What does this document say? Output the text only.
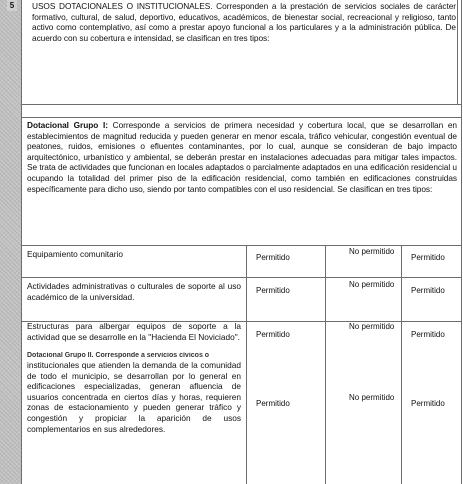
5	USOS DOTACIONALES O INSTITUCIONALES. Corresponden a la prestación de servicios sociales de carácter formativo, cultural, de salud, deportivo, educativos, académicos, de bienestar social, recreacional y religioso, tanto activo como contemplativo, así como a prestar apoyo funcional a los particulares y a la administración pública. De acuerdo con su cobertura e intensidad, se clasifican en tres tipos:
Dotacional Grupo I: Corresponde a servicios de primera necesidad y cobertura local, que se desarrollan en establecimientos de magnitud reducida y pueden generar en menor escala, tráfico vehicular, congestión eventual de peatones, ruidos, emisiones o efluentes contaminantes, por lo cual, aunque se consideran de bajo impacto arquitectónico, urbanístico y ambiental, se deberán prestar en instalaciones adecuadas para mitigar tales impactos. Se trata de actividades que funcionan en locales adaptados o parcialmente adaptados en una edificación residencial u ocupando la totalidad del primer piso de la edificación residencial, como también en edificaciones construidas específicamente para dicho uso, siendo por tanto compatibles con el uso residencial. Se clasifican en tres tipos:
Equipamiento comunitario	Permitido
No permitido
Permitido
Actividades administrativas o culturales de soporte al uso académico de la universidad.
Permitido
No permitido
Permitido
Estructuras para albergar equipos de soporte a la actividad que se desarrolle en la "Hacienda El Noviciado". Permitido
No permitido
Permitido
Dotacional Grupo II. Corresponde a servicios cívicos o
institucionales que atienden la demanda de la comunidad de todo el municipio, se desarrollan por lo general en edificaciones especializadas, generan afluencia de usuarios concentrada en ciertos días y horas, requieren zonas de estacionamiento y pueden generar tráfico y congestión y propiciar la aparición de usos complementarios en sus alrededores.
Permitido
No permitido
Permitido
